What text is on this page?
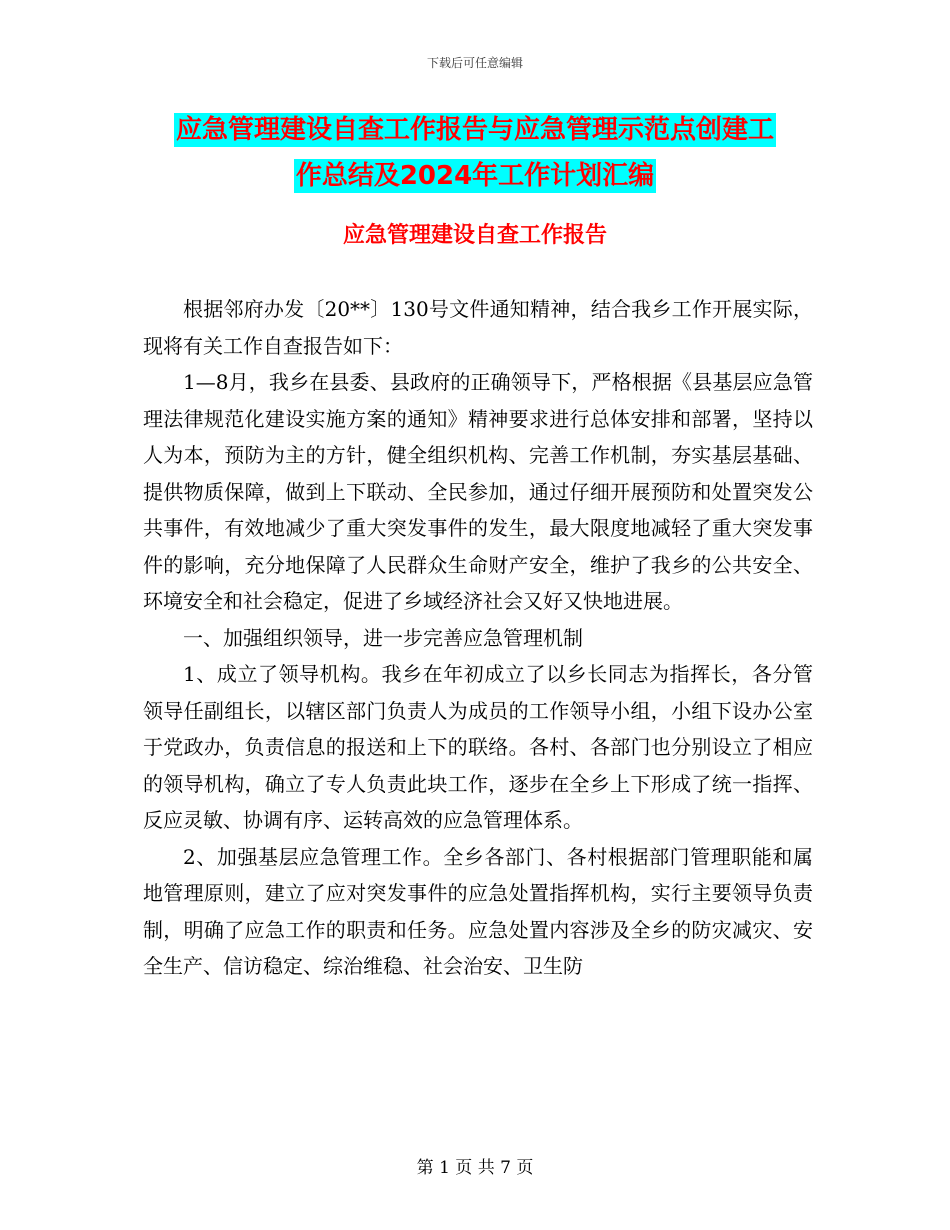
下载后可任意编辑
应急管理建设自查工作报告与应急管理示范点创建工
作总结及2024年工作计划汇编
应急管理建设自查工作报告

根据邻府办发〔20**〕130号文件通知精神，结合我乡工作开展实际，现将有关工作自查报告如下：

1—8月，我乡在县委、县政府的正确领导下，严格根据《县基层应急管理法律规范化建设实施方案的通知》精神要求进行总体安排和部署，坚持以人为本，预防为主的方针，健全组织机构、完善工作机制，夯实基层基础、提供物质保障，做到上下联动、全民参加，通过仔细开展预防和处置突发公共事件，有效地减少了重大突发事件的发生，最大限度地减轻了重大突发事件的影响，充分地保障了人民群众生命财产安全，维护了我乡的公共安全、环境安全和社会稳定，促进了乡域经济社会又好又快地进展。

一、加强组织领导，进一步完善应急管理机制

1、成立了领导机构。我乡在年初成立了以乡长同志为指挥长，各分管领导任副组长，以辖区部门负责人为成员的工作领导小组，小组下设办公室于党政办，负责信息的报送和上下的联络。各村、各部门也分别设立了相应的领导机构，确立了专人负责此块工作，逐步在全乡上下形成了统一指挥、反应灵敏、协调有序、运转高效的应急管理体系。

2、加强基层应急管理工作。全乡各部门、各村根据部门管理职能和属地管理原则，建立了应对突发事件的应急处置指挥机构，实行主要领导负责制，明确了应急工作的职责和任务。应急处置内容涉及全乡的防灾减灾、安全生产、信访稳定、综治维稳、社会治安、卫生防

第 1 页 共 7 页
